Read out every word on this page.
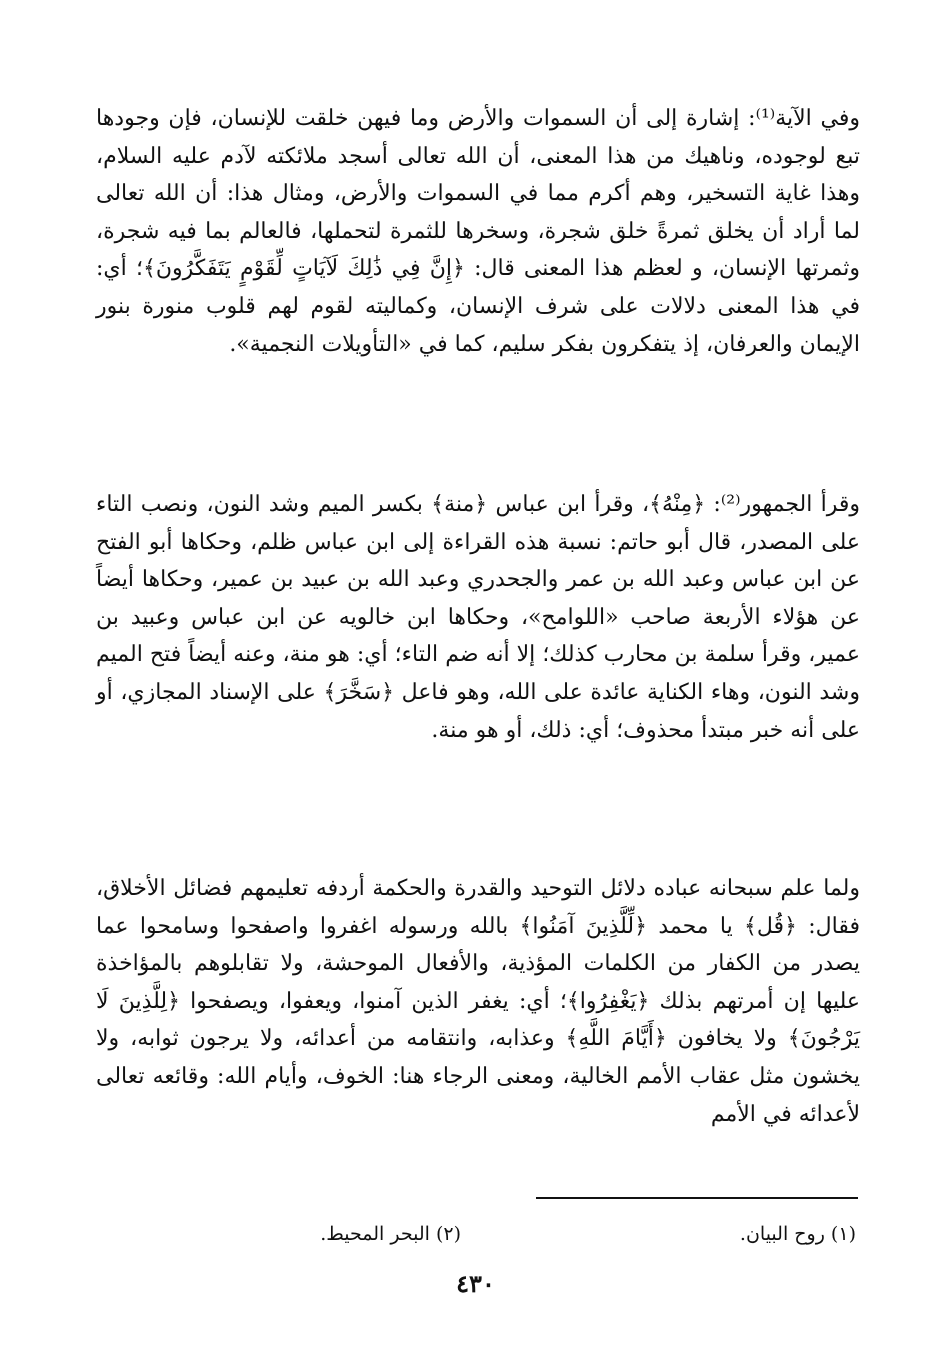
وفي الآية⁽¹⁾: إشارة إلى أن السموات والأرض وما فيهن خلقت للإنسان، فإن وجودها تبع لوجوده، وناهيك من هذا المعنى، أن الله تعالى أسجد ملائكته لآدم عليه السلام، وهذا غاية التسخير، وهم أكرم مما في السموات والأرض، ومثال هذا: أن الله تعالى لما أراد أن يخلق ثمرةً خلق شجرة، وسخرها للثمرة لتحملها، فالعالم بما فيه شجرة، وثمرتها الإنسان، و لعظم هذا المعنى قال: ﴿إِنَّ فِي ذَٰلِكَ لَآيَاتٍ لِّقَوْمٍ يَتَفَكَّرُونَ﴾؛ أي: في هذا المعنى دلالات على شرف الإنسان، وكماليته لقوم لهم قلوب منورة بنور الإيمان والعرفان، إذ يتفكرون بفكر سليم، كما في «التأويلات النجمية».

وقرأ الجمهور⁽²⁾: ﴿مِنْهُ﴾، وقرأ ابن عباس ﴿منة﴾ بكسر الميم وشد النون، ونصب التاء على المصدر، قال أبو حاتم: نسبة هذه القراءة إلى ابن عباس ظلم، وحكاها أبو الفتح عن ابن عباس وعبد الله بن عمر والجحدري وعبد الله بن عبيد بن عمير، وحكاها أيضاً عن هؤلاء الأربعة صاحب «اللوامح»، وحكاها ابن خالويه عن ابن عباس وعبيد بن عمير، وقرأ سلمة بن محارب كذلك؛ إلا أنه ضم التاء؛ أي: هو منة، وعنه أيضاً فتح الميم وشد النون، وهاء الكناية عائدة على الله، وهو فاعل ﴿سَخَّرَ﴾ على الإسناد المجازي، أو على أنه خبر مبتدأ محذوف؛ أي: ذلك، أو هو منة.

ولما علم سبحانه عباده دلائل التوحيد والقدرة والحكمة أردفه تعليمهم فضائل الأخلاق، فقال: ﴿قُل﴾ يا محمد ﴿لِّلَّذِينَ آمَنُوا﴾ بالله ورسوله اغفروا واصفحوا وسامحوا عما يصدر من الكفار من الكلمات المؤذية، والأفعال الموحشة، ولا تقابلوهم بالمؤاخذة عليها إن أمرتهم بذلك ﴿يَغْفِرُوا﴾؛ أي: يغفر الذين آمنوا، ويعفوا، ويصفحوا ﴿لِلَّذِينَ لَا يَرْجُونَ﴾ ولا يخافون ﴿أَيَّامَ اللَّهِ﴾ وعذابه، وانتقامه من أعدائه، ولا يرجون ثوابه، ولا يخشون مثل عقاب الأمم الخالية، ومعنى الرجاء هنا: الخوف، وأيام الله: وقائعه تعالى لأعدائه في الأمم

(١) روح البيان.
(٢) البحر المحيط.
٤٣٠
